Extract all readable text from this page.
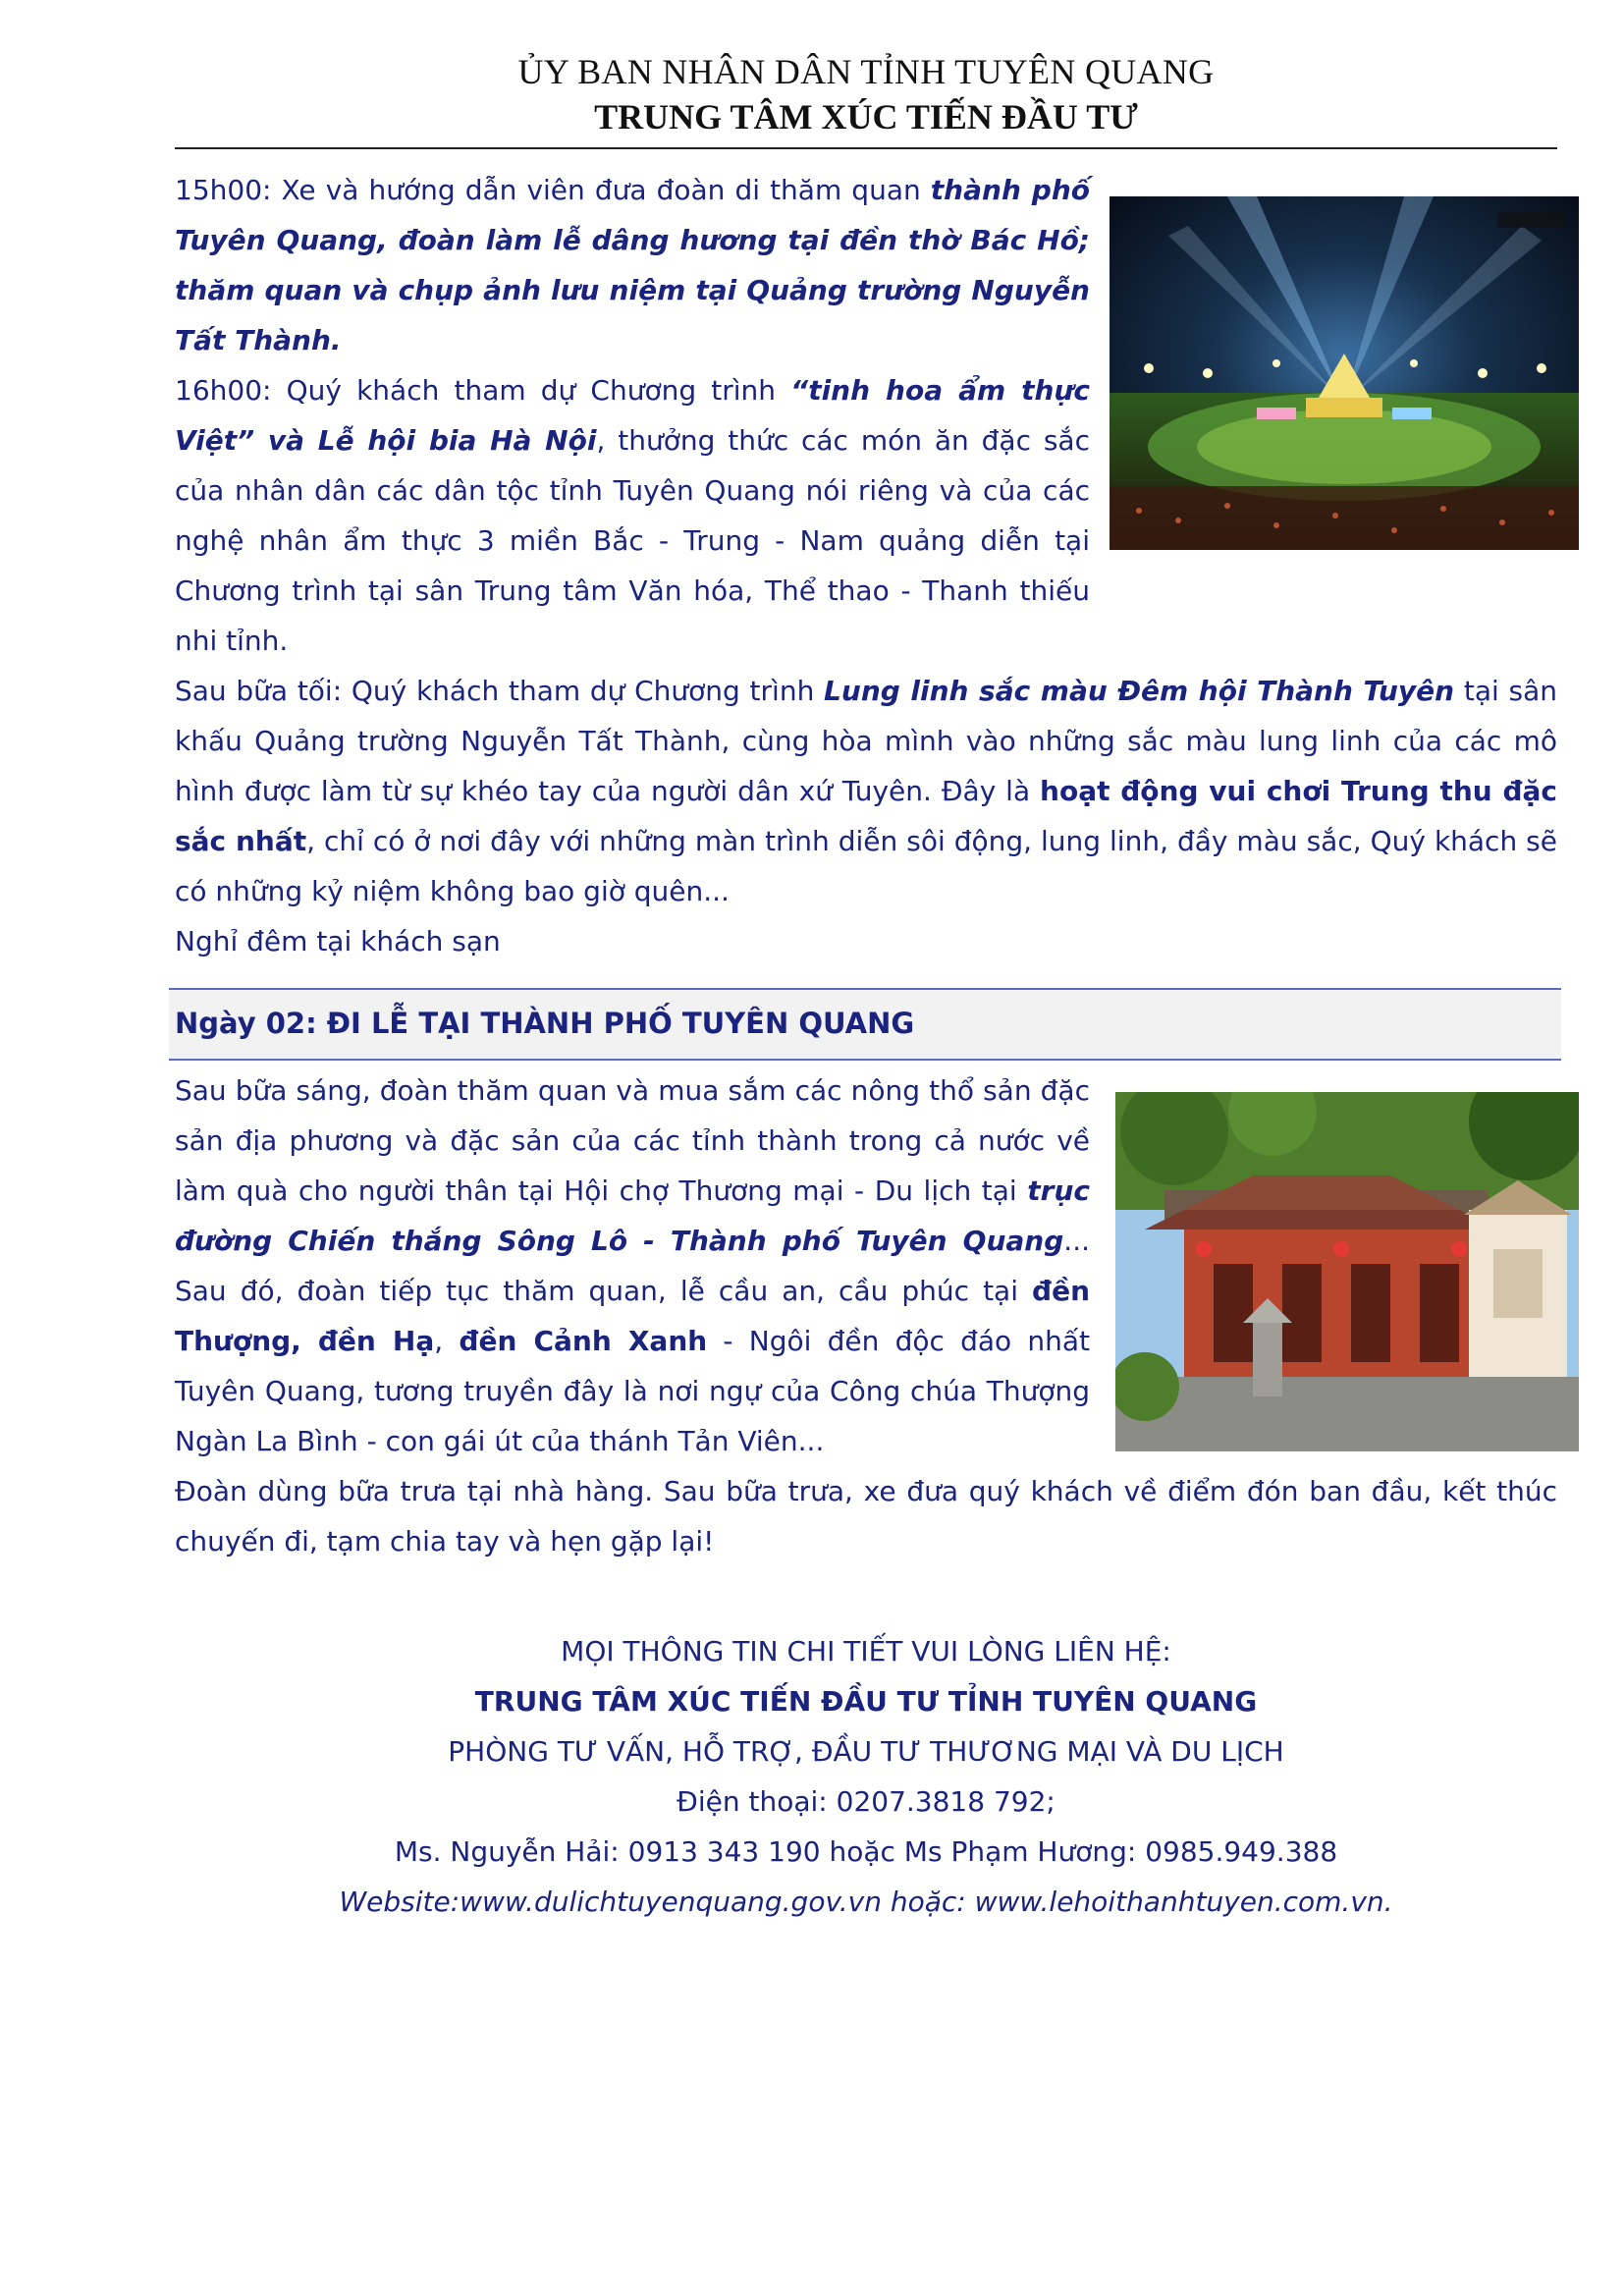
ỦY BAN NHÂN DÂN TỈNH TUYÊN QUANG
TRUNG TÂM XÚC TIẾN ĐẦU TƯ

15h00: Xe và hướng dẫn viên đưa đoàn di thăm quan thành phố Tuyên Quang, đoàn làm lễ dâng hương tại đền thờ Bác Hồ; thăm quan và chụp ảnh lưu niệm tại Quảng trường Nguyễn Tất Thành.

16h00: Quý khách tham dự Chương trình “tinh hoa ẩm thực Việt” và Lễ hội bia Hà Nội, thưởng thức các món ăn đặc sắc của nhân dân các dân tộc tỉnh Tuyên Quang nói riêng và của các nghệ nhân ẩm thực 3 miền Bắc - Trung - Nam quảng diễn tại Chương trình tại sân Trung tâm Văn hóa, Thể thao - Thanh thiếu nhi tỉnh.

Sau bữa tối: Quý khách tham dự Chương trình Lung linh sắc màu Đêm hội Thành Tuyên tại sân khấu Quảng trường Nguyễn Tất Thành, cùng hòa mình vào những sắc màu lung linh của các mô hình được làm từ sự khéo tay của người dân xứ Tuyên. Đây là hoạt động vui chơi Trung thu đặc sắc nhất, chỉ có ở nơi đây với những màn trình diễn sôi động, lung linh, đầy màu sắc, Quý khách sẽ có những kỷ niệm không bao giờ quên...

Nghỉ đêm tại khách sạn

Ngày 02: ĐI LỄ TẠI THÀNH PHỐ TUYÊN QUANG

Sau bữa sáng, đoàn thăm quan và mua sắm các nông thổ sản đặc sản địa phương và đặc sản của các tỉnh thành trong cả nước về làm quà cho người thân tại Hội chợ Thương mại - Du lịch tại trục đường Chiến thắng Sông Lô - Thành phố Tuyên Quang... Sau đó, đoàn tiếp tục thăm quan, lễ cầu an, cầu phúc tại đền Thượng, đền Hạ, đền Cảnh Xanh - Ngôi đền độc đáo nhất Tuyên Quang, tương truyền đây là nơi ngự của Công chúa Thượng Ngàn La Bình - con gái út của thánh Tản Viên...

Đoàn dùng bữa trưa tại nhà hàng. Sau bữa trưa, xe đưa quý khách về điểm đón ban đầu, kết thúc chuyến đi, tạm chia tay và hẹn gặp lại!

MỌI THÔNG TIN CHI TIẾT VUI LÒNG LIÊN HỆ:
TRUNG TÂM XÚC TIẾN ĐẦU TƯ TỈNH TUYÊN QUANG
PHÒNG TƯ VẤN, HỖ TRỢ, ĐẦU TƯ THƯƠNG MẠI VÀ DU LỊCH
Điện thoại: 0207.3818 792;
Ms. Nguyễn Hải: 0913 343 190 hoặc Ms Phạm Hương: 0985.949.388
Website:www.dulichtuyenquang.gov.vn hoặc: www.lehoithanhtuyen.com.vn.
